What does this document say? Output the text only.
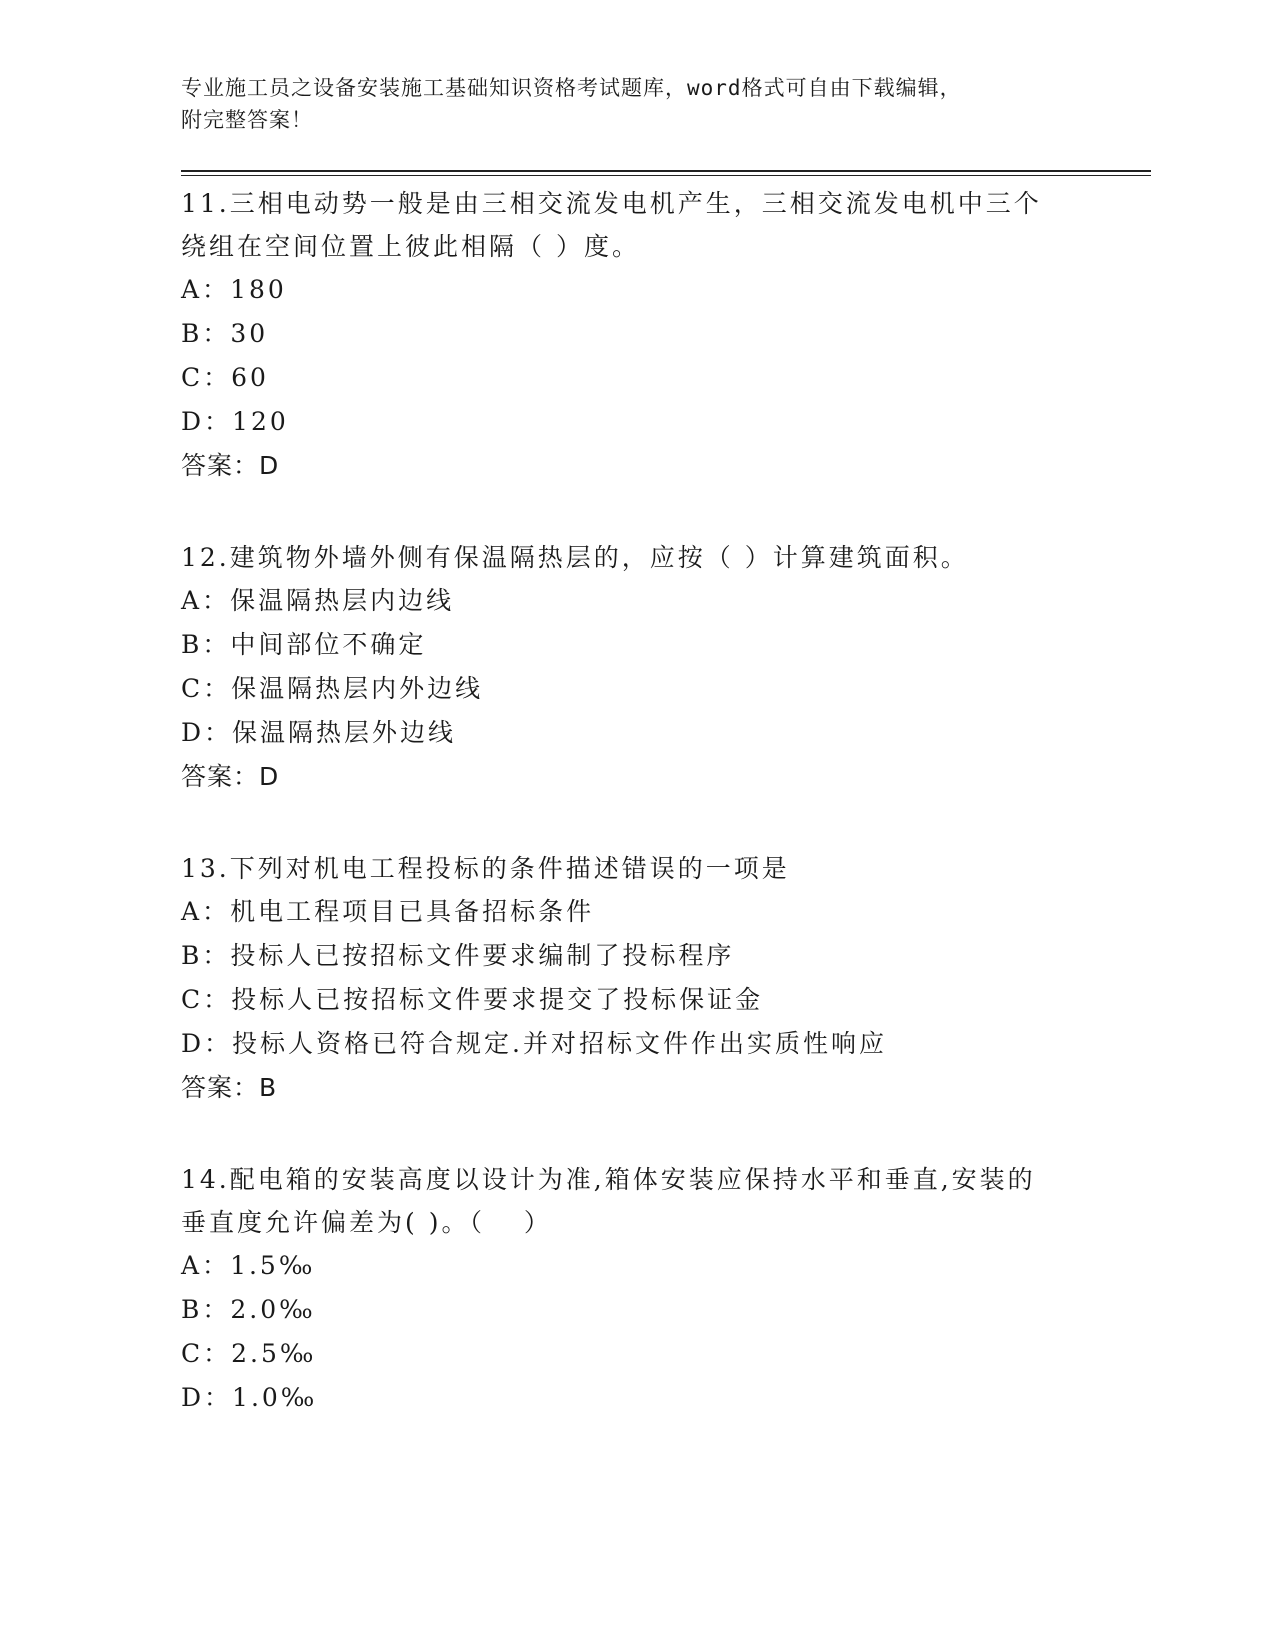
专业施工员之设备安装施工基础知识资格考试题库，word格式可自由下载编辑，
附完整答案！
11.三相电动势一般是由三相交流发电机产生，三相交流发电机中三个绕组在空间位置上彼此相隔（ ）度。
A：180
B：30
C：60
D：120
答案：D
12.建筑物外墙外侧有保温隔热层的，应按（ ）计算建筑面积。
A：保温隔热层内边线
B：中间部位不确定
C：保温隔热层内外边线
D：保温隔热层外边线
答案：D
13.下列对机电工程投标的条件描述错误的一项是
A：机电工程项目已具备招标条件
B：投标人已按招标文件要求编制了投标程序
C：投标人已按招标文件要求提交了投标保证金
D：投标人资格已符合规定.并对招标文件作出实质性响应
答案：B
14.配电箱的安装高度以设计为准,箱体安装应保持水平和垂直,安装的垂直度允许偏差为( )。（　 ）
A：1.5‰
B：2.0‰
C：2.5‰
D：1.0‰
